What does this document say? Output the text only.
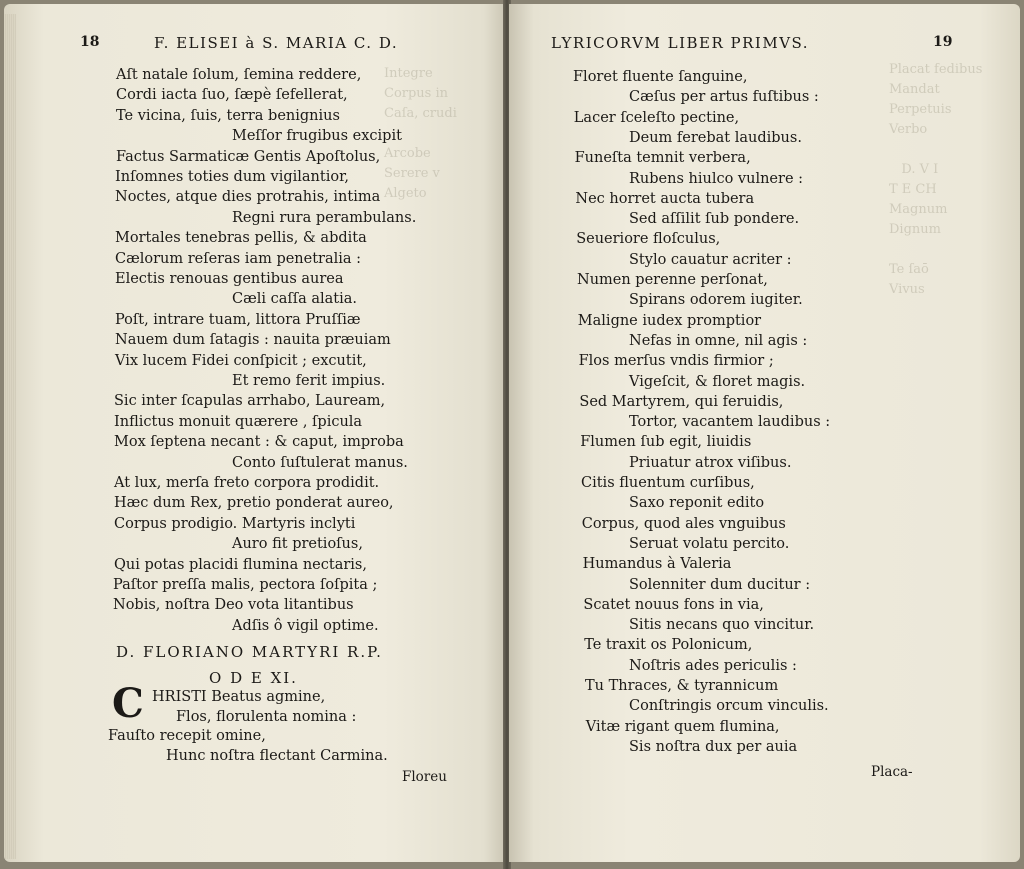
Integre
Corpus in
Caſa, crudi

Arcobe
Serere v
Algeto
18	F. ELISEI à S. MARIA C. D.
Aſt natale ſolum, ſemina reddere,
Cordi iacta ſuo, ſæpè ſefellerat,
Te vicina, ſuis, terra benignius
Meſſor frugibus excipit
Factus Sarmaticæ Gentis Apoſtolus,
Inſomnes toties dum vigilantior,
Noctes, atque dies protrahis, intima
Regni rura perambulans.
Mortales tenebras pellis, & abdita
Cælorum reſeras iam penetralia :
Electis renouas gentibus aurea
Cæli caſſa alatia.
Poſt, intrare tuam, littora Pruſſiæ
Nauem dum ſatagis : nauita præuiam
Vix lucem Fidei conſpicit ; excutit,
Et remo ferit impius.
Sic inter ſcapulas arrhabo, Lauream,
Inflictus monuit quærere , ſpicula
Mox ſeptena necant : & caput, improba
Conto ſuſtulerat manus.
At lux, merſa freto corpora prodidit.
Hæc dum Rex, pretio ponderat aureo,
Corpus prodigio. Martyris inclyti
Auro fit pretioſus,
Qui potas placidi flumina nectaris,
Paſtor preſſa malis, pectora ſoſpita ;
Nobis, noſtra Deo vota litantibus
Adſis ô vigil optime.
D. FLORIANO MARTYRI R.P.
O D E XI.
C HRISTI Beatus agmine,
Flos, florulenta nomina :
Fauſto recepit omine,
Hunc noſtra flectant Carmina.
Floreu
Placat fedibus
Mandat
Perpetuis
Verbo

D. V I
T E CH
Magnum
Dignum

Te ſaō
Vivus
19
LYRICORVM LIBER PRIMVS.
Floret fluente ſanguine,
Cæſus per artus fuſtibus :
Lacer ſceleſto pectine,
Deum ferebat laudibus.
Funeſta temnit verbera,
Rubens hiulco vulnere :
Nec horret aucta tubera
Sed aſſilit ſub pondere.
Seueriore floſculus,
Stylo cauatur acriter :
Numen perenne perſonat,
Spirans odorem iugiter.
Maligne iudex promptior
Nefas in omne, nil agis :
Flos merſus vndis firmior ;
Vigeſcit, & floret magis.
Sed Martyrem, qui feruidis,
Tortor, vacantem laudibus :
Flumen ſub egit, liuidis
Priuatur atrox viſibus.
Citis fluentum curſibus,
Saxo reponit edito
Corpus, quod ales vnguibus
Seruat volatu percito.
Humandus à Valeria
Solenniter dum ducitur :
Scatet nouus fons in via,
Sitis necans quo vincitur.
Te traxit os Polonicum,
Noſtris ades periculis :
Tu Thraces, & tyrannicum
Conſtringis orcum vinculis.
Vitæ rigant quem flumina,
Sis noſtra dux per auia
Placa-
